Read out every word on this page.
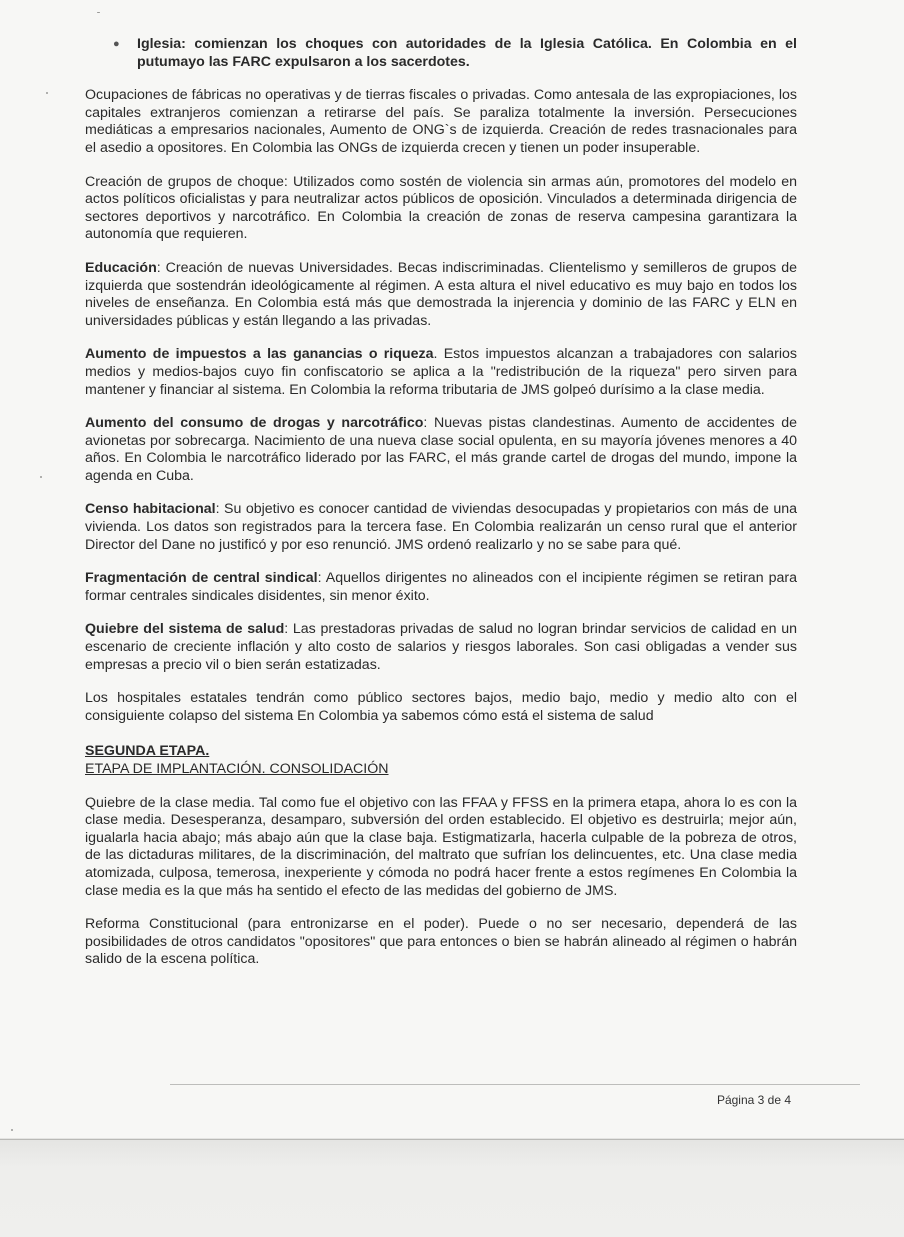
●	Iglesia: comienzan los choques con autoridades de la Iglesia Católica. En Colombia en el putumayo las FARC expulsaron a los sacerdotes.

Ocupaciones de fábricas no operativas y de tierras fiscales o privadas. Como antesala de las expropiaciones, los capitales extranjeros comienzan a retirarse del país. Se paraliza totalmente la inversión. Persecuciones mediáticas a empresarios nacionales, Aumento de ONG`s de izquierda. Creación de redes trasnacionales para el asedio a opositores. En Colombia las ONGs de izquierda crecen y tienen un poder insuperable.

Creación de grupos de choque: Utilizados como sostén de violencia sin armas aún, promotores del modelo en actos políticos oficialistas y para neutralizar actos públicos de oposición. Vinculados a determinada dirigencia de sectores deportivos y narcotráfico. En Colombia la creación de zonas de reserva campesina garantizara la autonomía que requieren.

Educación: Creación de nuevas Universidades. Becas indiscriminadas. Clientelismo y semilleros de grupos de izquierda que sostendrán ideológicamente al régimen. A esta altura el nivel educativo es muy bajo en todos los niveles de enseñanza. En Colombia está más que demostrada la injerencia y dominio de las FARC y ELN en universidades públicas y están llegando a las privadas.

Aumento de impuestos a las ganancias o riqueza. Estos impuestos alcanzan a trabajadores con salarios medios y medios-bajos cuyo fin confiscatorio se aplica a la "redistribución de la riqueza" pero sirven para mantener y financiar al sistema. En Colombia la reforma tributaria de JMS golpeó durísimo a la clase media.

Aumento del consumo de drogas y narcotráfico: Nuevas pistas clandestinas. Aumento de accidentes de avionetas por sobrecarga. Nacimiento de una nueva clase social opulenta, en su mayoría jóvenes menores a 40 años. En Colombia le narcotráfico liderado por las FARC, el más grande cartel de drogas del mundo, impone la agenda en Cuba.

Censo habitacional: Su objetivo es conocer cantidad de viviendas desocupadas y propietarios con más de una vivienda. Los datos son registrados para la tercera fase. En Colombia realizarán un censo rural que el anterior Director del Dane no justificó y por eso renunció. JMS ordenó realizarlo y no se sabe para qué.

Fragmentación de central sindical: Aquellos dirigentes no alineados con el incipiente régimen se retiran para formar centrales sindicales disidentes, sin menor éxito.

Quiebre del sistema de salud: Las prestadoras privadas de salud no logran brindar servicios de calidad en un escenario de creciente inflación y alto costo de salarios y riesgos laborales. Son casi obligadas a vender sus empresas a precio vil o bien serán estatizadas.

Los hospitales estatales tendrán como público sectores bajos, medio bajo, medio y medio alto con el consiguiente colapso del sistema En Colombia ya sabemos cómo está el sistema de salud

SEGUNDA ETAPA.
ETAPA DE IMPLANTACIÓN. CONSOLIDACIÓN

Quiebre de la clase media. Tal como fue el objetivo con las FFAA y FFSS en la primera etapa, ahora lo es con la clase media. Desesperanza, desamparo, subversión del orden establecido. El objetivo es destruirla; mejor aún, igualarla hacia abajo; más abajo aún que la clase baja. Estigmatizarla, hacerla culpable de la pobreza de otros, de las dictaduras militares, de la discriminación, del maltrato que sufrían los delincuentes, etc. Una clase media atomizada, culposa, temerosa, inexperiente y cómoda no podrá hacer frente a estos regímenes En Colombia la clase media es la que más ha sentido el efecto de las medidas del gobierno de JMS.

Reforma Constitucional (para entronizarse en el poder). Puede o no ser necesario, dependerá de las posibilidades de otros candidatos "opositores" que para entonces o bien se habrán alineado al régimen o habrán salido de la escena política.

Página 3 de 4
